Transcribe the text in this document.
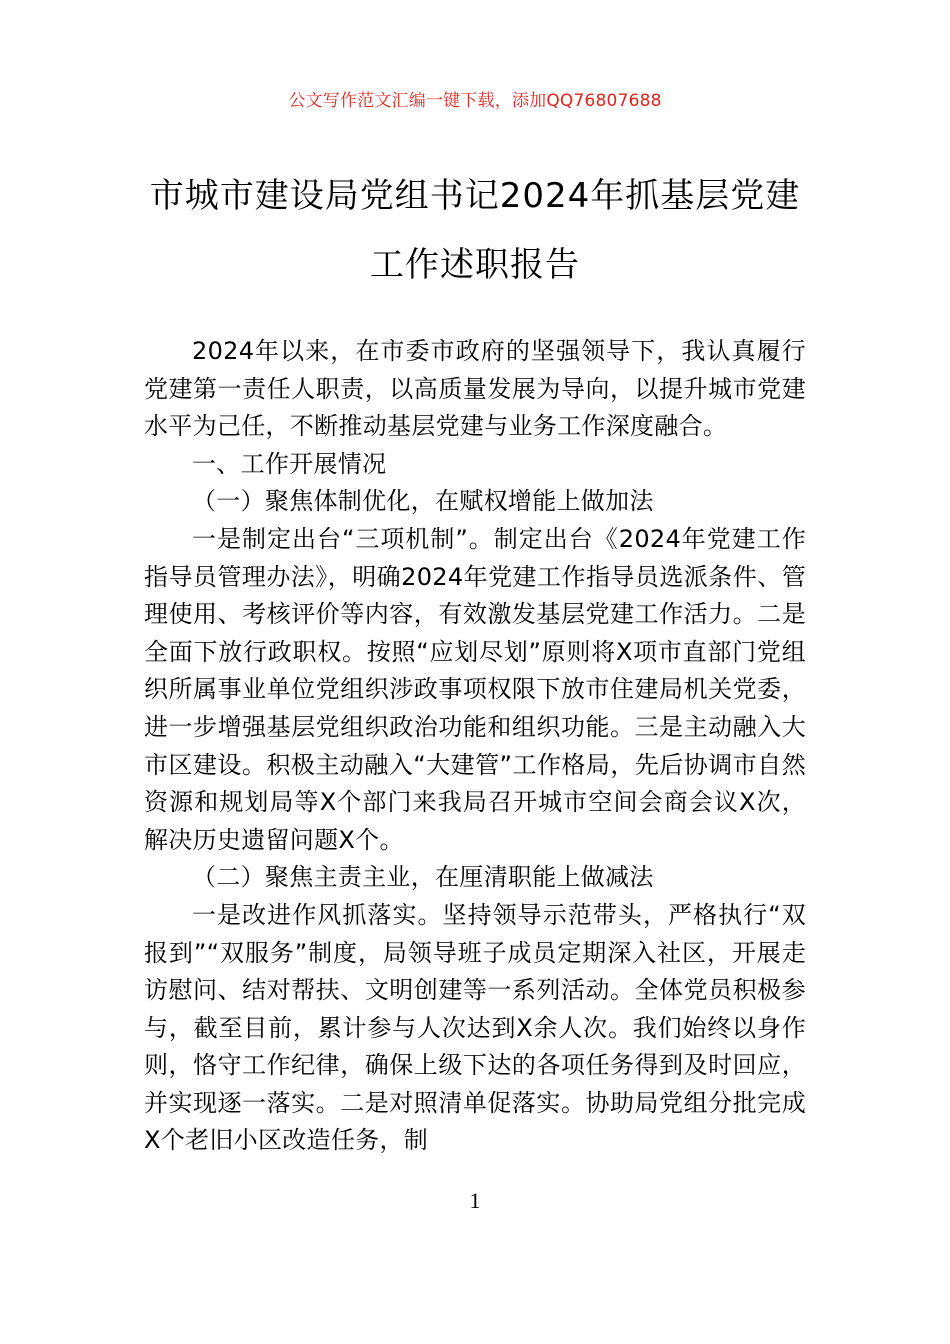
公文写作范文汇编一键下载，添加QQ76807688
市城市建设局党组书记2024年抓基层党建
工作述职报告

2024年以来，在市委市政府的坚强领导下，我认真履行党建第一责任人职责，以高质量发展为导向，以提升城市党建水平为己任，不断推动基层党建与业务工作深度融合。

一、工作开展情况

（一）聚焦体制优化，在赋权增能上做加法

一是制定出台“三项机制”。制定出台《2024年党建工作指导员管理办法》，明确2024年党建工作指导员选派条件、管理使用、考核评价等内容，有效激发基层党建工作活力。二是全面下放行政职权。按照“应划尽划”原则将X项市直部门党组织所属事业单位党组织涉政事项权限下放市住建局机关党委，进一步增强基层党组织政治功能和组织功能。三是主动融入大市区建设。积极主动融入“大建管”工作格局，先后协调市自然资源和规划局等X个部门来我局召开城市空间会商会议X次，解决历史遗留问题X个。

（二）聚焦主责主业，在厘清职能上做减法

一是改进作风抓落实。坚持领导示范带头，严格执行“双报到”“双服务”制度，局领导班子成员定期深入社区，开展走访慰问、结对帮扶、文明创建等一系列活动。全体党员积极参与，截至目前，累计参与人次达到X余人次。我们始终以身作则，恪守工作纪律，确保上级下达的各项任务得到及时回应，并实现逐一落实。二是对照清单促落实。协助局党组分批完成X个老旧小区改造任务，制

1
